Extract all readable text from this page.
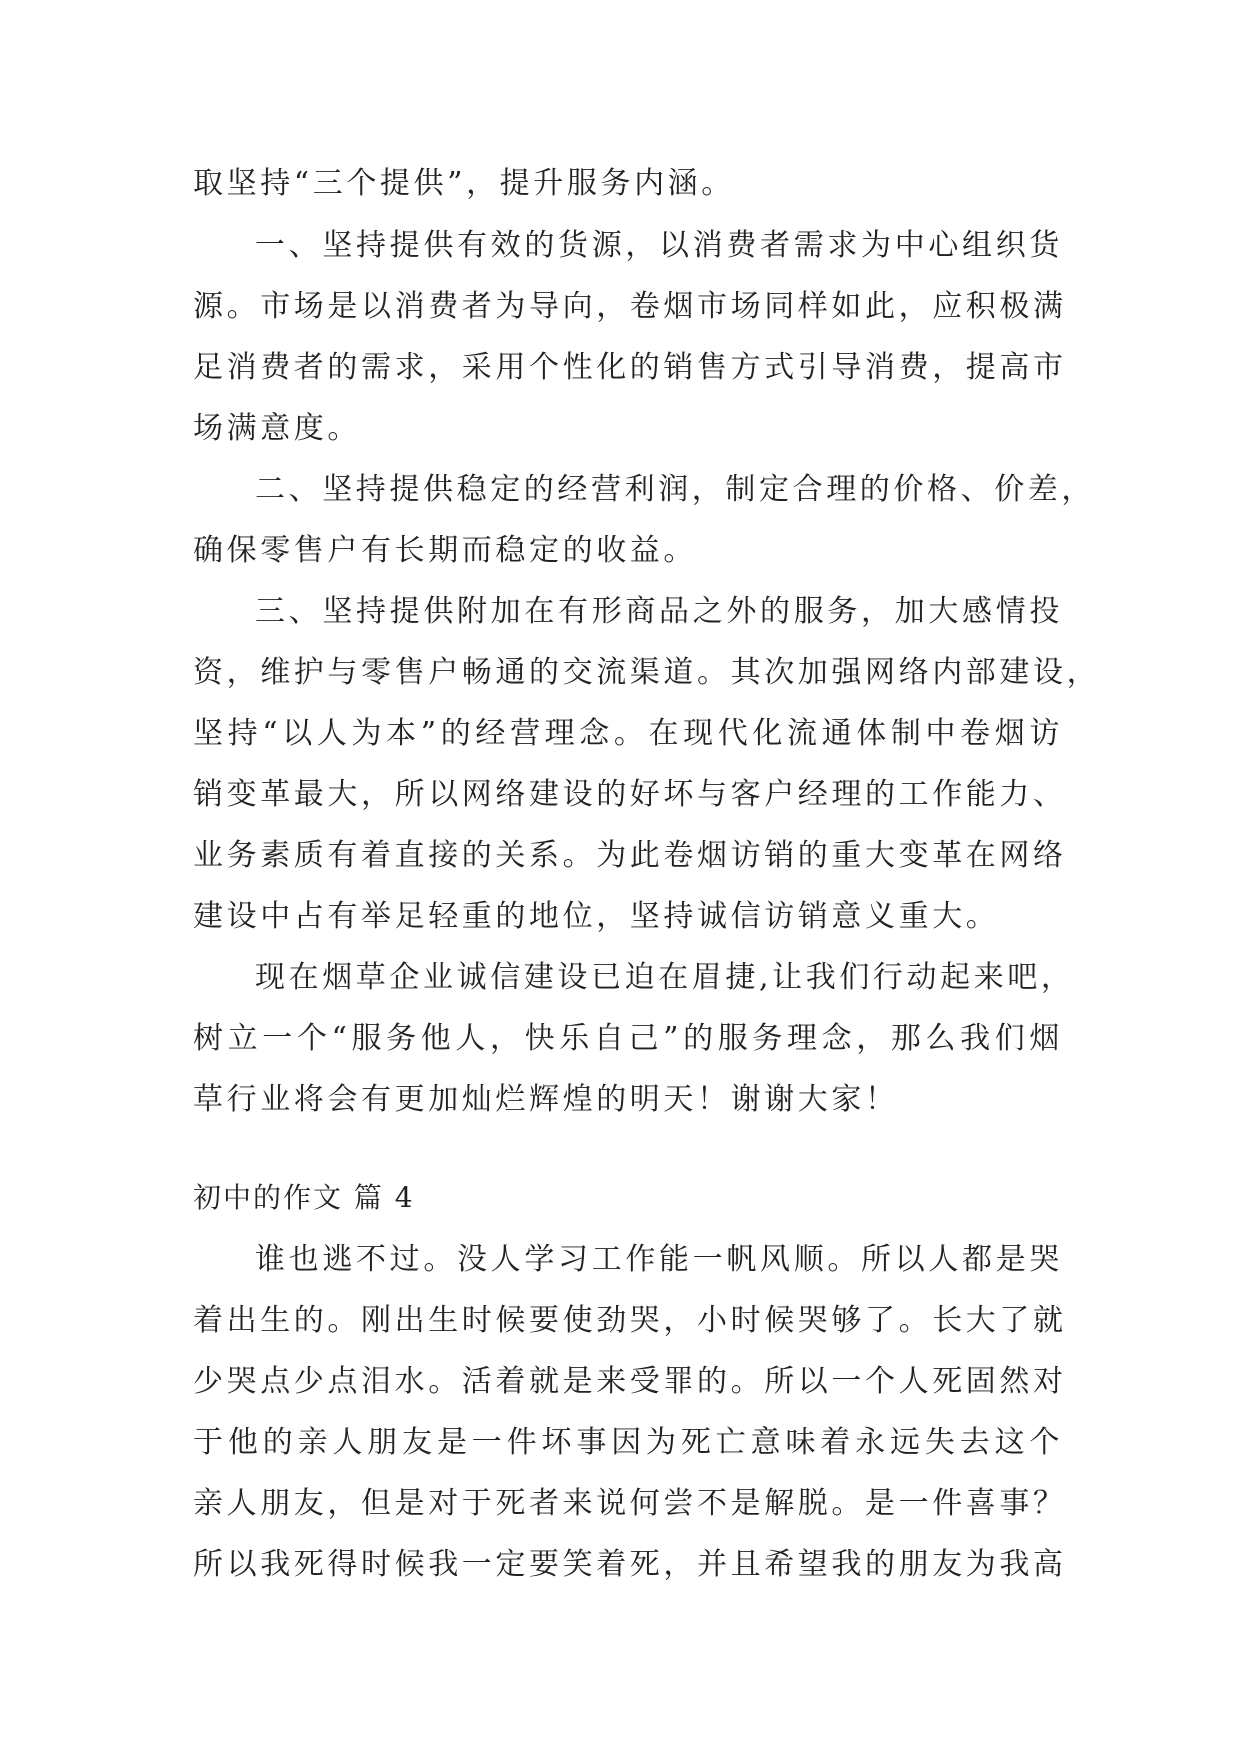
取坚持“三个提供”，提升服务内涵。
一、坚持提供有效的货源，以消费者需求为中心组织货
源。市场是以消费者为导向，卷烟市场同样如此，应积极满
足消费者的需求，采用个性化的销售方式引导消费，提高市
场满意度。
二、坚持提供稳定的经营利润，制定合理的价格、价差，
确保零售户有长期而稳定的收益。
三、坚持提供附加在有形商品之外的服务，加大感情投
资，维护与零售户畅通的交流渠道。其次加强网络内部建设，
坚持“以人为本”的经营理念。在现代化流通体制中卷烟访
销变革最大，所以网络建设的好坏与客户经理的工作能力、
业务素质有着直接的关系。为此卷烟访销的重大变革在网络
建设中占有举足轻重的地位，坚持诚信访销意义重大。
现在烟草企业诚信建设已迫在眉捷,让我们行动起来吧，
树立一个“服务他人，快乐自己”的服务理念，那么我们烟
草行业将会有更加灿烂辉煌的明天！谢谢大家！
初中的作文 篇 4
谁也逃不过。没人学习工作能一帆风顺。所以人都是哭
着出生的。刚出生时候要使劲哭，小时候哭够了。长大了就
少哭点少点泪水。活着就是来受罪的。所以一个人死固然对
于他的亲人朋友是一件坏事因为死亡意味着永远失去这个
亲人朋友，但是对于死者来说何尝不是解脱。是一件喜事？
所以我死得时候我一定要笑着死，并且希望我的朋友为我高
